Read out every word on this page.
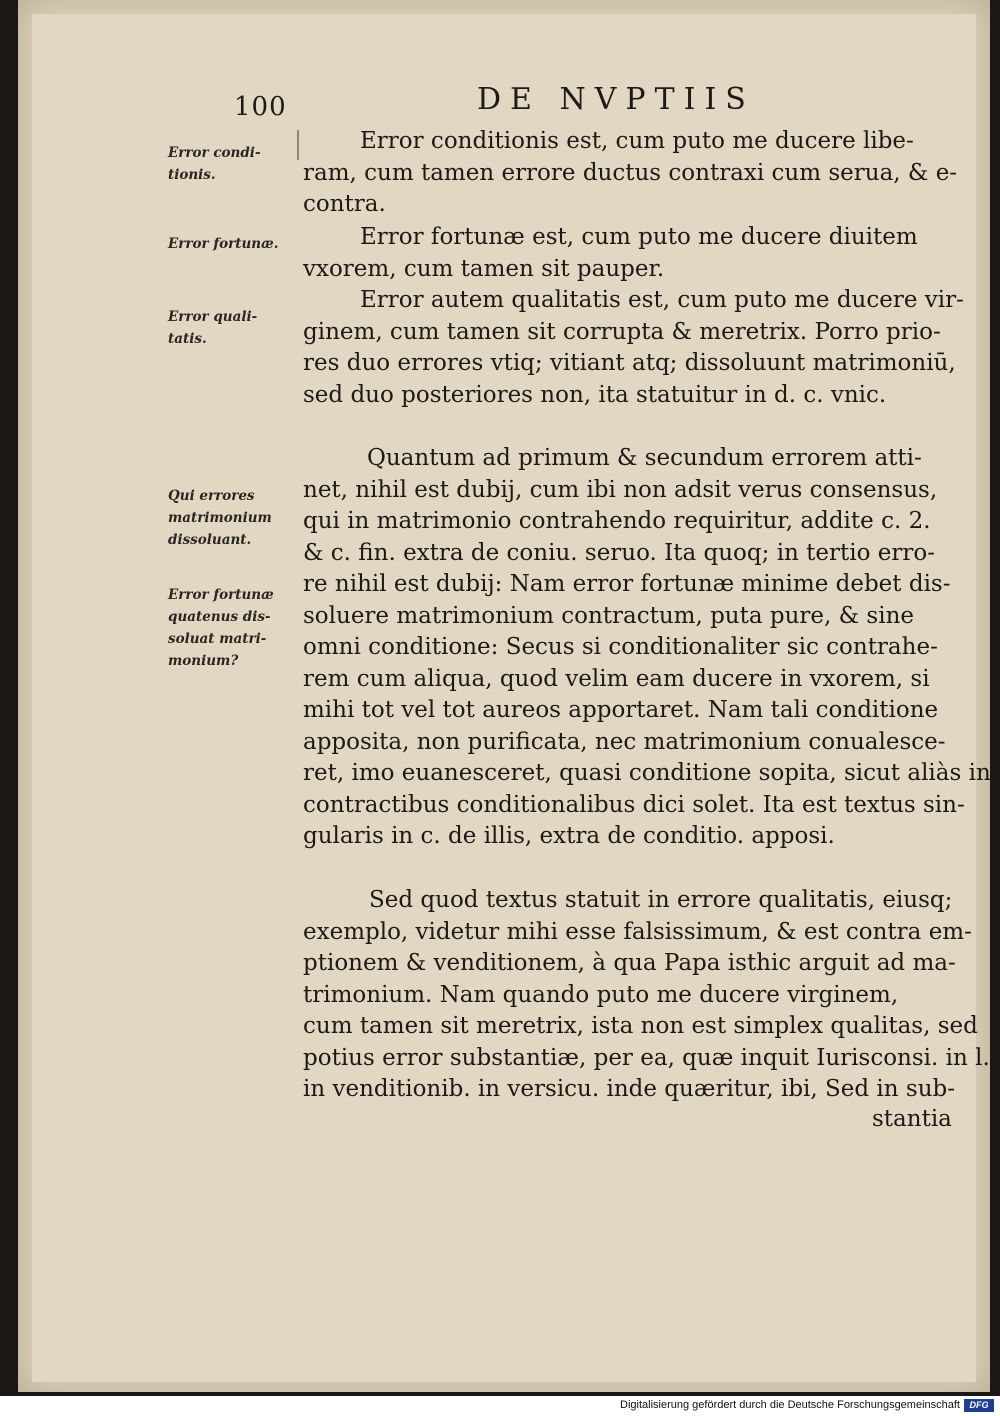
100	DE NVPTIIS
Error condi-
tionis.
Error fortunæ.
Error quali-
tatis.
Qui errores
matrimonium
dissoluant.
Error fortunæ
quatenus dis-
soluat matri-
monium?
Error conditionis est, cum puto me ducere libe-
ram, cum tamen errore ductus contraxi cum serua, & e-
contra.
Error fortunæ est, cum puto me ducere diuitem
vxorem, cum tamen sit pauper.
Error autem qualitatis est, cum puto me ducere vir-
ginem, cum tamen sit corrupta & meretrix. Porro prio-
res duo errores vtiq; vitiant atq; dissoluunt matrimoniū,
sed duo posteriores non, ita statuitur in d. c. vnic.
Quantum ad primum & secundum errorem atti-
net, nihil est dubij, cum ibi non adsit verus consensus,
qui in matrimonio contrahendo requiritur, addite c. 2.
& c. fin. extra de coniu. seruo. Ita quoq; in tertio erro-
re nihil est dubij: Nam error fortunæ minime debet dis-
soluere matrimonium contractum, puta pure, & sine
omni conditione: Secus si conditionaliter sic contrahe-
rem cum aliqua, quod velim eam ducere in vxorem, si
mihi tot vel tot aureos apportaret. Nam tali conditione
apposita, non purificata, nec matrimonium conualesce-
ret, imo euanesceret, quasi conditione sopita, sicut aliàs in
contractibus conditionalibus dici solet. Ita est textus sin-
gularis in c. de illis, extra de conditio. apposi.
Sed quod textus statuit in errore qualitatis, eiusq;
exemplo, videtur mihi esse falsissimum, & est contra em-
ptionem & venditionem, à qua Papa isthic arguit ad ma-
trimonium. Nam quando puto me ducere virginem,
cum tamen sit meretrix, ista non est simplex qualitas, sed
potius error substantiæ, per ea, quæ inquit Iurisconsi. in l.
in venditionib. in versicu. inde quæritur, ibi, Sed in sub-
stantia
Digitalisierung gefördert durch die Deutsche Forschungsgemeinschaft	DFG
